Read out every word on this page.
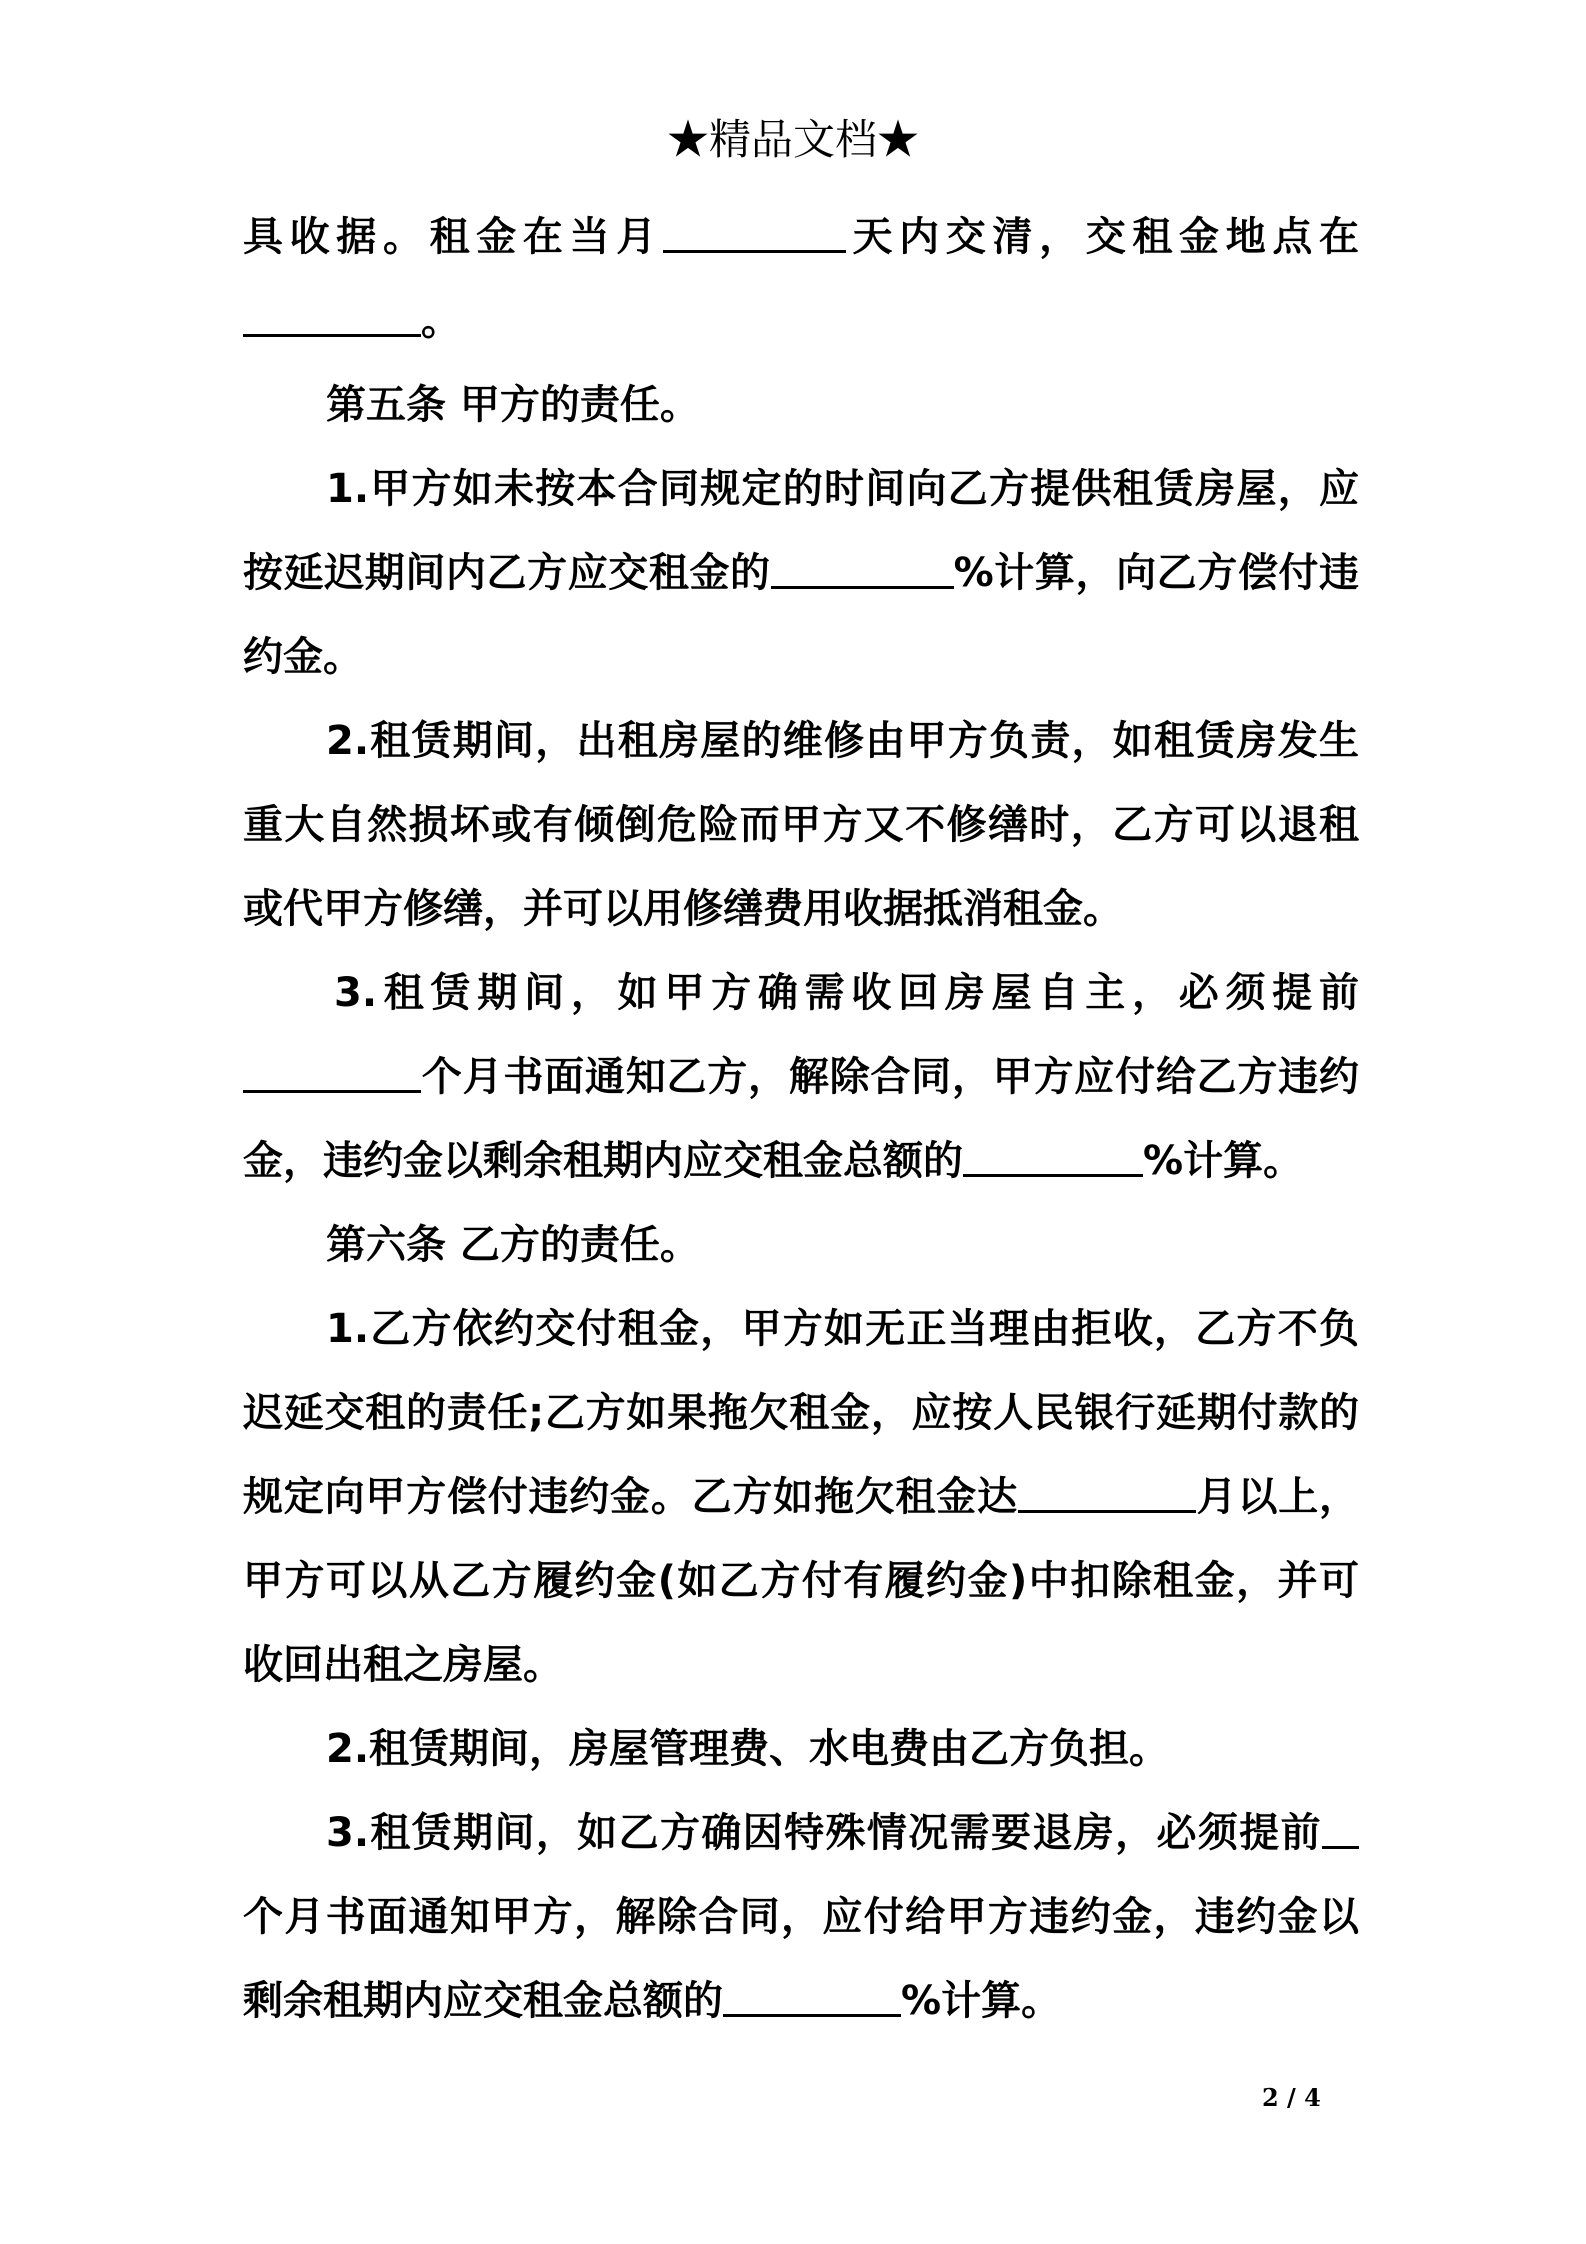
★精品文档★
具收据。租金在当月	天内交清，交租金地点在
。
第五条 甲方的责任。
1.甲方如未按本合同规定的时间向乙方提供租赁房屋，应
按延迟期间内乙方应交租金的	%计算，向乙方偿付违
约金。
2.租赁期间，出租房屋的维修由甲方负责，如租赁房发生
重大自然损坏或有倾倒危险而甲方又不修缮时，乙方可以退租
或代甲方修缮，并可以用修缮费用收据抵消租金。
3.租赁期间，如甲方确需收回房屋自主，必须提前
个月书面通知乙方，解除合同，甲方应付给乙方违约
金，违约金以剩余租期内应交租金总额的	%计算。
第六条 乙方的责任。
1.乙方依约交付租金，甲方如无正当理由拒收，乙方不负
迟延交租的责任;乙方如果拖欠租金，应按人民银行延期付款的
规定向甲方偿付违约金。乙方如拖欠租金达	月以上，
甲方可以从乙方履约金(如乙方付有履约金)中扣除租金，并可
收回出租之房屋。
2.租赁期间，房屋管理费、水电费由乙方负担。
3.租赁期间，如乙方确因特殊情况需要退房，必须提前
个月书面通知甲方，解除合同，应付给甲方违约金，违约金以
剩余租期内应交租金总额的	%计算。
2 / 4
